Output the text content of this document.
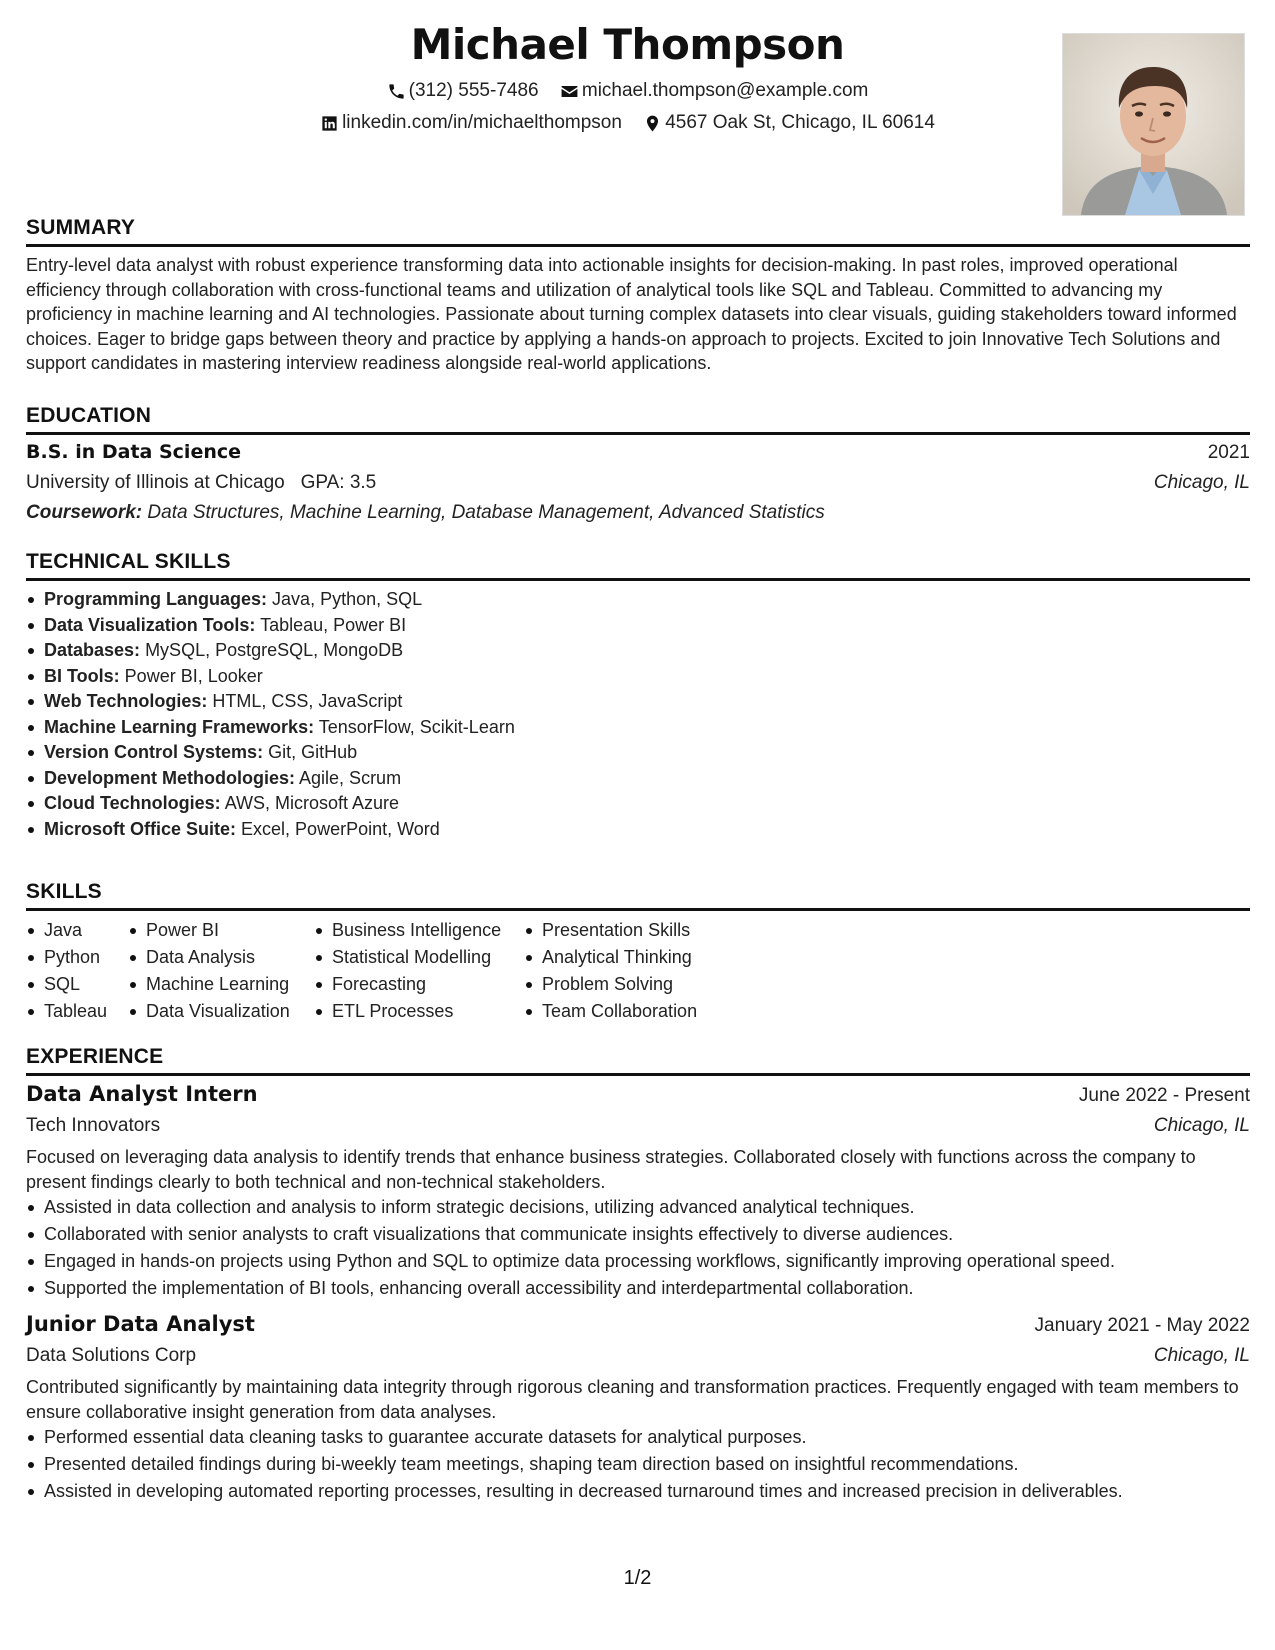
Michael Thompson
(312) 555-7486
michael.thompson@example.com
linkedin.com/in/michaelthompson
4567 Oak St, Chicago, IL 60614
SUMMARY

Entry-level data analyst with robust experience transforming data into actionable insights for decision-making. In past roles, improved operational efficiency through collaboration with cross-functional teams and utilization of analytical tools like SQL and Tableau. Committed to advancing my proficiency in machine learning and AI technologies. Passionate about turning complex datasets into clear visuals, guiding stakeholders toward informed choices. Eager to bridge gaps between theory and practice by applying a hands-on approach to projects. Excited to join Innovative Tech Solutions and support candidates in mastering interview readiness alongside real-world applications.

EDUCATION
B.S. in Data Science	2021
University of Illinois at Chicago GPA: 3.5	Chicago, IL
Coursework: Data Structures, Machine Learning, Database Management, Advanced Statistics
TECHNICAL SKILLS
Programming Languages: Java, Python, SQL
Data Visualization Tools: Tableau, Power BI
Databases: MySQL, PostgreSQL, MongoDB
BI Tools: Power BI, Looker
Web Technologies: HTML, CSS, JavaScript
Machine Learning Frameworks: TensorFlow, Scikit-Learn
Version Control Systems: Git, GitHub
Development Methodologies: Agile, Scrum
Cloud Technologies: AWS, Microsoft Azure
Microsoft Office Suite: Excel, PowerPoint, Word
SKILLS
Java
Python
SQL
Tableau
Power BI
Data Analysis
Machine Learning
Data Visualization
Business Intelligence
Statistical Modelling
Forecasting
ETL Processes
Presentation Skills
Analytical Thinking
Problem Solving
Team Collaboration
EXPERIENCE
Data Analyst Intern	June 2022 - Present
Tech Innovators	Chicago, IL

Focused on leveraging data analysis to identify trends that enhance business strategies. Collaborated closely with functions across the company to present findings clearly to both technical and non-technical stakeholders.

Assisted in data collection and analysis to inform strategic decisions, utilizing advanced analytical techniques.
Collaborated with senior analysts to craft visualizations that communicate insights effectively to diverse audiences.
Engaged in hands-on projects using Python and SQL to optimize data processing workflows, significantly improving operational speed.
Supported the implementation of BI tools, enhancing overall accessibility and interdepartmental collaboration.
Junior Data Analyst	January 2021 - May 2022
Data Solutions Corp	Chicago, IL

Contributed significantly by maintaining data integrity through rigorous cleaning and transformation practices. Frequently engaged with team members to ensure collaborative insight generation from data analyses.

Performed essential data cleaning tasks to guarantee accurate datasets for analytical purposes.
Presented detailed findings during bi-weekly team meetings, shaping team direction based on insightful recommendations.
Assisted in developing automated reporting processes, resulting in decreased turnaround times and increased precision in deliverables.
1/2
